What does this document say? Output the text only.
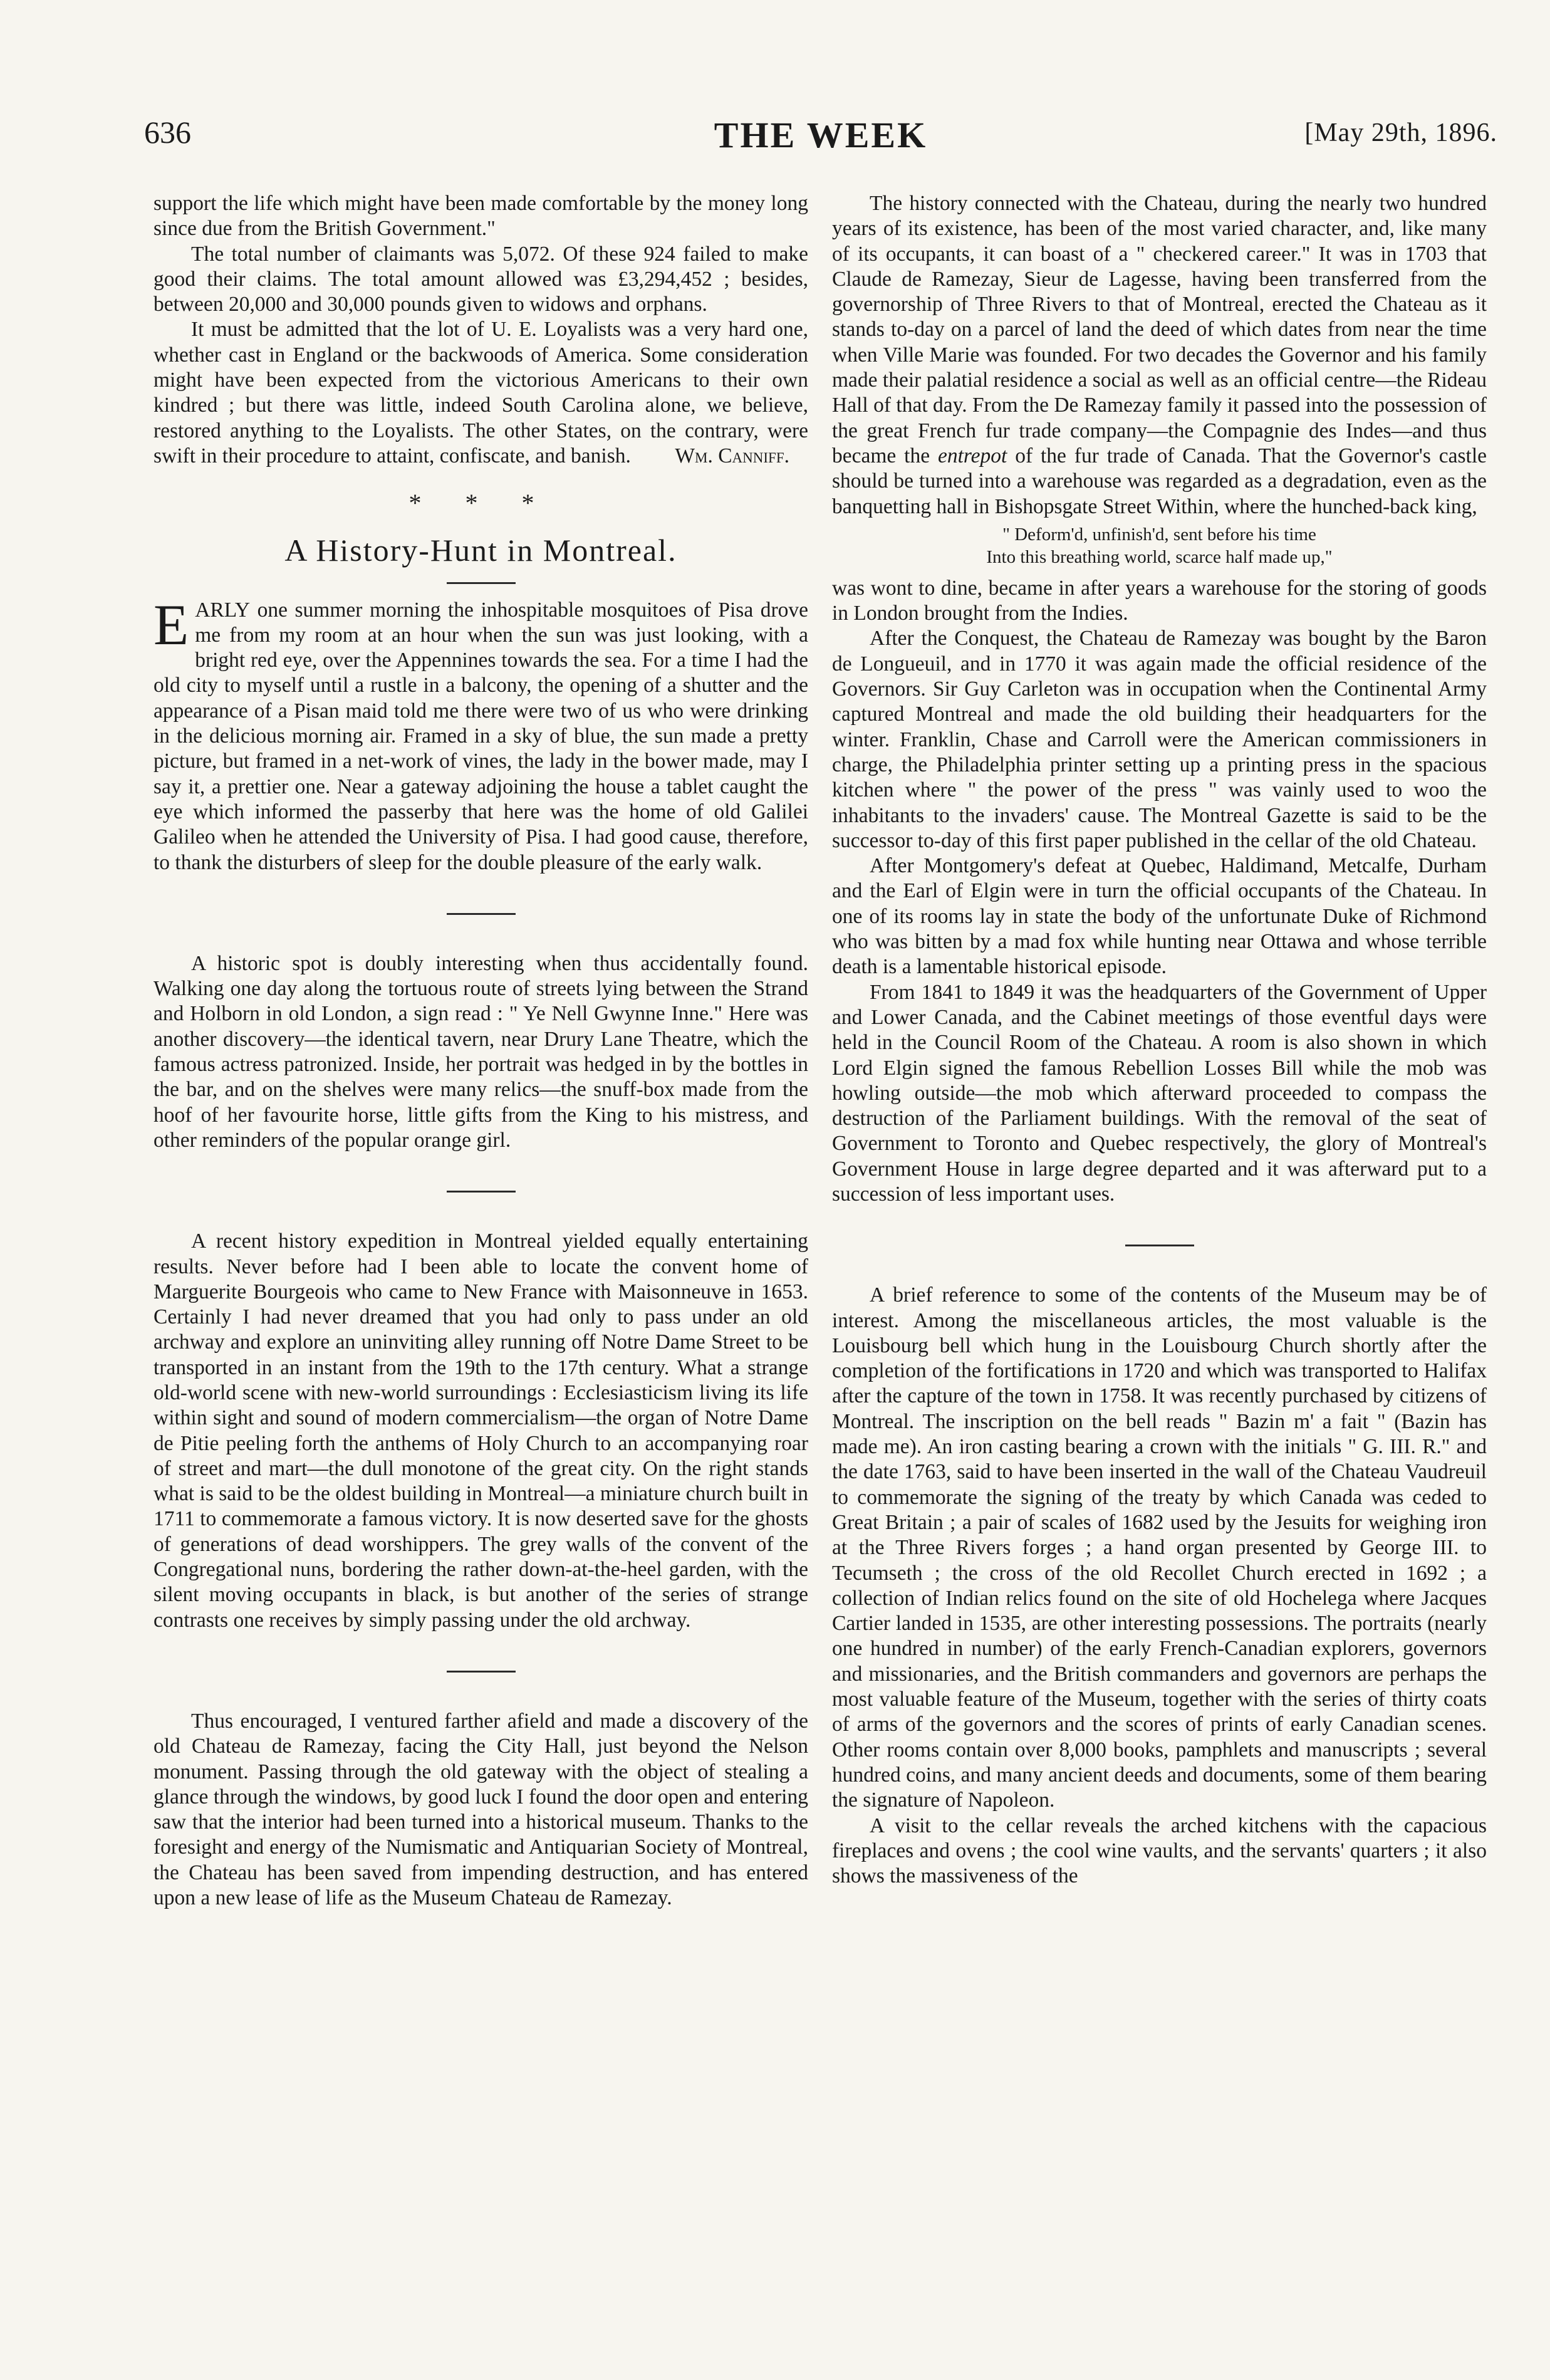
636	THE WEEK	[May 29th, 1896.

support the life which might have been made comfortable by the money long since due from the British Government."

The total number of claimants was 5,072. Of these 924 failed to make good their claims. The total amount allowed was £3,294,452 ; besides, between 20,000 and 30,000 pounds given to widows and orphans.

It must be admitted that the lot of U. E. Loyalists was a very hard one, whether cast in England or the backwoods of America. Some consideration might have been expected from the victorious Americans to their own kindred ; but there was little, indeed South Carolina alone, we believe, restored anything to the Loyalists. The other States, on the contrary, were swift in their procedure to attaint, confiscate, and banish.	Wm. Canniff.
* * *
A History-Hunt in Montreal.

EARLY one summer morning the inhospitable mosquitoes of Pisa drove me from my room at an hour when the sun was just looking, with a bright red eye, over the Appennines towards the sea. For a time I had the old city to myself until a rustle in a balcony, the opening of a shutter and the appearance of a Pisan maid told me there were two of us who were drinking in the delicious morning air. Framed in a sky of blue, the sun made a pretty picture, but framed in a net-work of vines, the lady in the bower made, may I say it, a prettier one. Near a gateway adjoining the house a tablet caught the eye which informed the passerby that here was the home of old Galilei Galileo when he attended the University of Pisa. I had good cause, therefore, to thank the disturbers of sleep for the double pleasure of the early walk.

A historic spot is doubly interesting when thus accidentally found. Walking one day along the tortuous route of streets lying between the Strand and Holborn in old London, a sign read : " Ye Nell Gwynne Inne." Here was another discovery—the identical tavern, near Drury Lane Theatre, which the famous actress patronized. Inside, her portrait was hedged in by the bottles in the bar, and on the shelves were many relics—the snuff-box made from the hoof of her favourite horse, little gifts from the King to his mistress, and other reminders of the popular orange girl.

A recent history expedition in Montreal yielded equally entertaining results. Never before had I been able to locate the convent home of Marguerite Bourgeois who came to New France with Maisonneuve in 1653. Certainly I had never dreamed that you had only to pass under an old archway and explore an uninviting alley running off Notre Dame Street to be transported in an instant from the 19th to the 17th century. What a strange old-world scene with new-world surroundings : Ecclesiasticism living its life within sight and sound of modern commercialism—the organ of Notre Dame de Pitie peeling forth the anthems of Holy Church to an accompanying roar of street and mart—the dull monotone of the great city. On the right stands what is said to be the oldest building in Montreal—a miniature church built in 1711 to commemorate a famous victory. It is now deserted save for the ghosts of generations of dead worshippers. The grey walls of the convent of the Congregational nuns, bordering the rather down-at-the-heel garden, with the silent moving occupants in black, is but another of the series of strange contrasts one receives by simply passing under the old archway.

Thus encouraged, I ventured farther afield and made a discovery of the old Chateau de Ramezay, facing the City Hall, just beyond the Nelson monument. Passing through the old gateway with the object of stealing a glance through the windows, by good luck I found the door open and entering saw that the interior had been turned into a historical museum. Thanks to the foresight and energy of the Numismatic and Antiquarian Society of Montreal, the Chateau has been saved from impending destruction, and has entered upon a new lease of life as the Museum Chateau de Ramezay.

The history connected with the Chateau, during the nearly two hundred years of its existence, has been of the most varied character, and, like many of its occupants, it can boast of a " checkered career." It was in 1703 that Claude de Ramezay, Sieur de Lagesse, having been transferred from the governorship of Three Rivers to that of Montreal, erected the Chateau as it stands to-day on a parcel of land the deed of which dates from near the time when Ville Marie was founded. For two decades the Governor and his family made their palatial residence a social as well as an official centre—the Rideau Hall of that day. From the De Ramezay family it passed into the possession of the great French fur trade company—the Compagnie des Indes—and thus became the entrepot of the fur trade of Canada. That the Governor's castle should be turned into a warehouse was regarded as a degradation, even as the banquetting hall in Bishopsgate Street Within, where the hunched-back king,

" Deform'd, unfinish'd, sent before his time
Into this breathing world, scarce half made up,"

was wont to dine, became in after years a warehouse for the storing of goods in London brought from the Indies.

After the Conquest, the Chateau de Ramezay was bought by the Baron de Longueuil, and in 1770 it was again made the official residence of the Governors. Sir Guy Carleton was in occupation when the Continental Army captured Montreal and made the old building their headquarters for the winter. Franklin, Chase and Carroll were the American commissioners in charge, the Philadelphia printer setting up a printing press in the spacious kitchen where " the power of the press " was vainly used to woo the inhabitants to the invaders' cause. The Montreal Gazette is said to be the successor to-day of this first paper published in the cellar of the old Chateau.

After Montgomery's defeat at Quebec, Haldimand, Metcalfe, Durham and the Earl of Elgin were in turn the official occupants of the Chateau. In one of its rooms lay in state the body of the unfortunate Duke of Richmond who was bitten by a mad fox while hunting near Ottawa and whose terrible death is a lamentable historical episode.

From 1841 to 1849 it was the headquarters of the Government of Upper and Lower Canada, and the Cabinet meetings of those eventful days were held in the Council Room of the Chateau. A room is also shown in which Lord Elgin signed the famous Rebellion Losses Bill while the mob was howling outside—the mob which afterward proceeded to compass the destruction of the Parliament buildings. With the removal of the seat of Government to Toronto and Quebec respectively, the glory of Montreal's Government House in large degree departed and it was afterward put to a succession of less important uses.

A brief reference to some of the contents of the Museum may be of interest. Among the miscellaneous articles, the most valuable is the Louisbourg bell which hung in the Louisbourg Church shortly after the completion of the fortifications in 1720 and which was transported to Halifax after the capture of the town in 1758. It was recently purchased by citizens of Montreal. The inscription on the bell reads " Bazin m' a fait " (Bazin has made me). An iron casting bearing a crown with the initials " G. III. R." and the date 1763, said to have been inserted in the wall of the Chateau Vaudreuil to commemorate the signing of the treaty by which Canada was ceded to Great Britain ; a pair of scales of 1682 used by the Jesuits for weighing iron at the Three Rivers forges ; a hand organ presented by George III. to Tecumseth ; the cross of the old Recollet Church erected in 1692 ; a collection of Indian relics found on the site of old Hochelega where Jacques Cartier landed in 1535, are other interesting possessions. The portraits (nearly one hundred in number) of the early French-Canadian explorers, governors and missionaries, and the British commanders and governors are perhaps the most valuable feature of the Museum, together with the series of thirty coats of arms of the governors and the scores of prints of early Canadian scenes. Other rooms contain over 8,000 books, pamphlets and manuscripts ; several hundred coins, and many ancient deeds and documents, some of them bearing the signature of Napoleon.

A visit to the cellar reveals the arched kitchens with the capacious fireplaces and ovens ; the cool wine vaults, and the servants' quarters ; it also shows the massiveness of the
